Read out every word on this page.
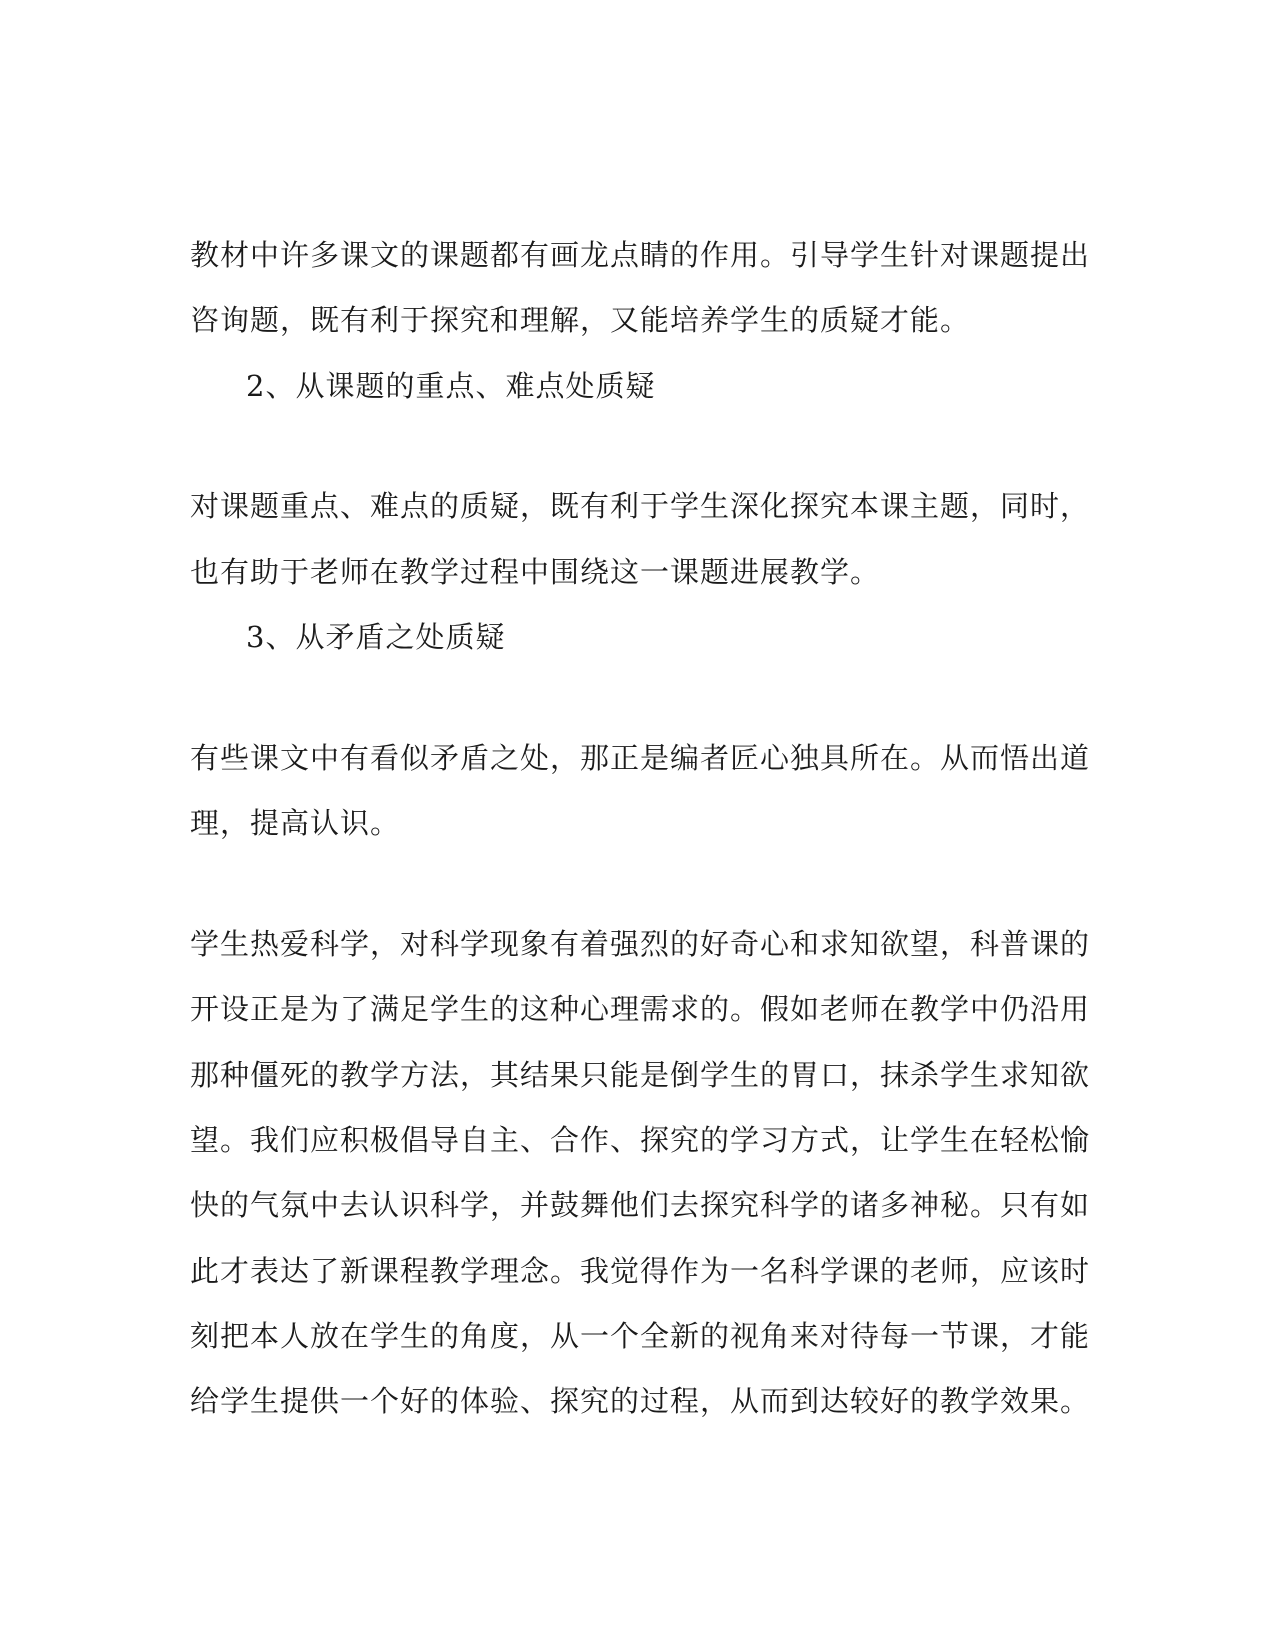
教材中许多课文的课题都有画龙点睛的作用。引导学生针对课题提出
咨询题，既有利于探究和理解，又能培养学生的质疑才能。
2、从课题的重点、难点处质疑
对课题重点、难点的质疑，既有利于学生深化探究本课主题，同时，
也有助于老师在教学过程中围绕这一课题进展教学。
3、从矛盾之处质疑
有些课文中有看似矛盾之处，那正是编者匠心独具所在。从而悟出道
理，提高认识。
学生热爱科学，对科学现象有着强烈的好奇心和求知欲望，科普课的
开设正是为了满足学生的这种心理需求的。假如老师在教学中仍沿用
那种僵死的教学方法，其结果只能是倒学生的胃口，抹杀学生求知欲
望。我们应积极倡导自主、合作、探究的学习方式，让学生在轻松愉
快的气氛中去认识科学，并鼓舞他们去探究科学的诸多神秘。只有如
此才表达了新课程教学理念。我觉得作为一名科学课的老师，应该时
刻把本人放在学生的角度，从一个全新的视角来对待每一节课，才能
给学生提供一个好的体验、探究的过程，从而到达较好的教学效果。
